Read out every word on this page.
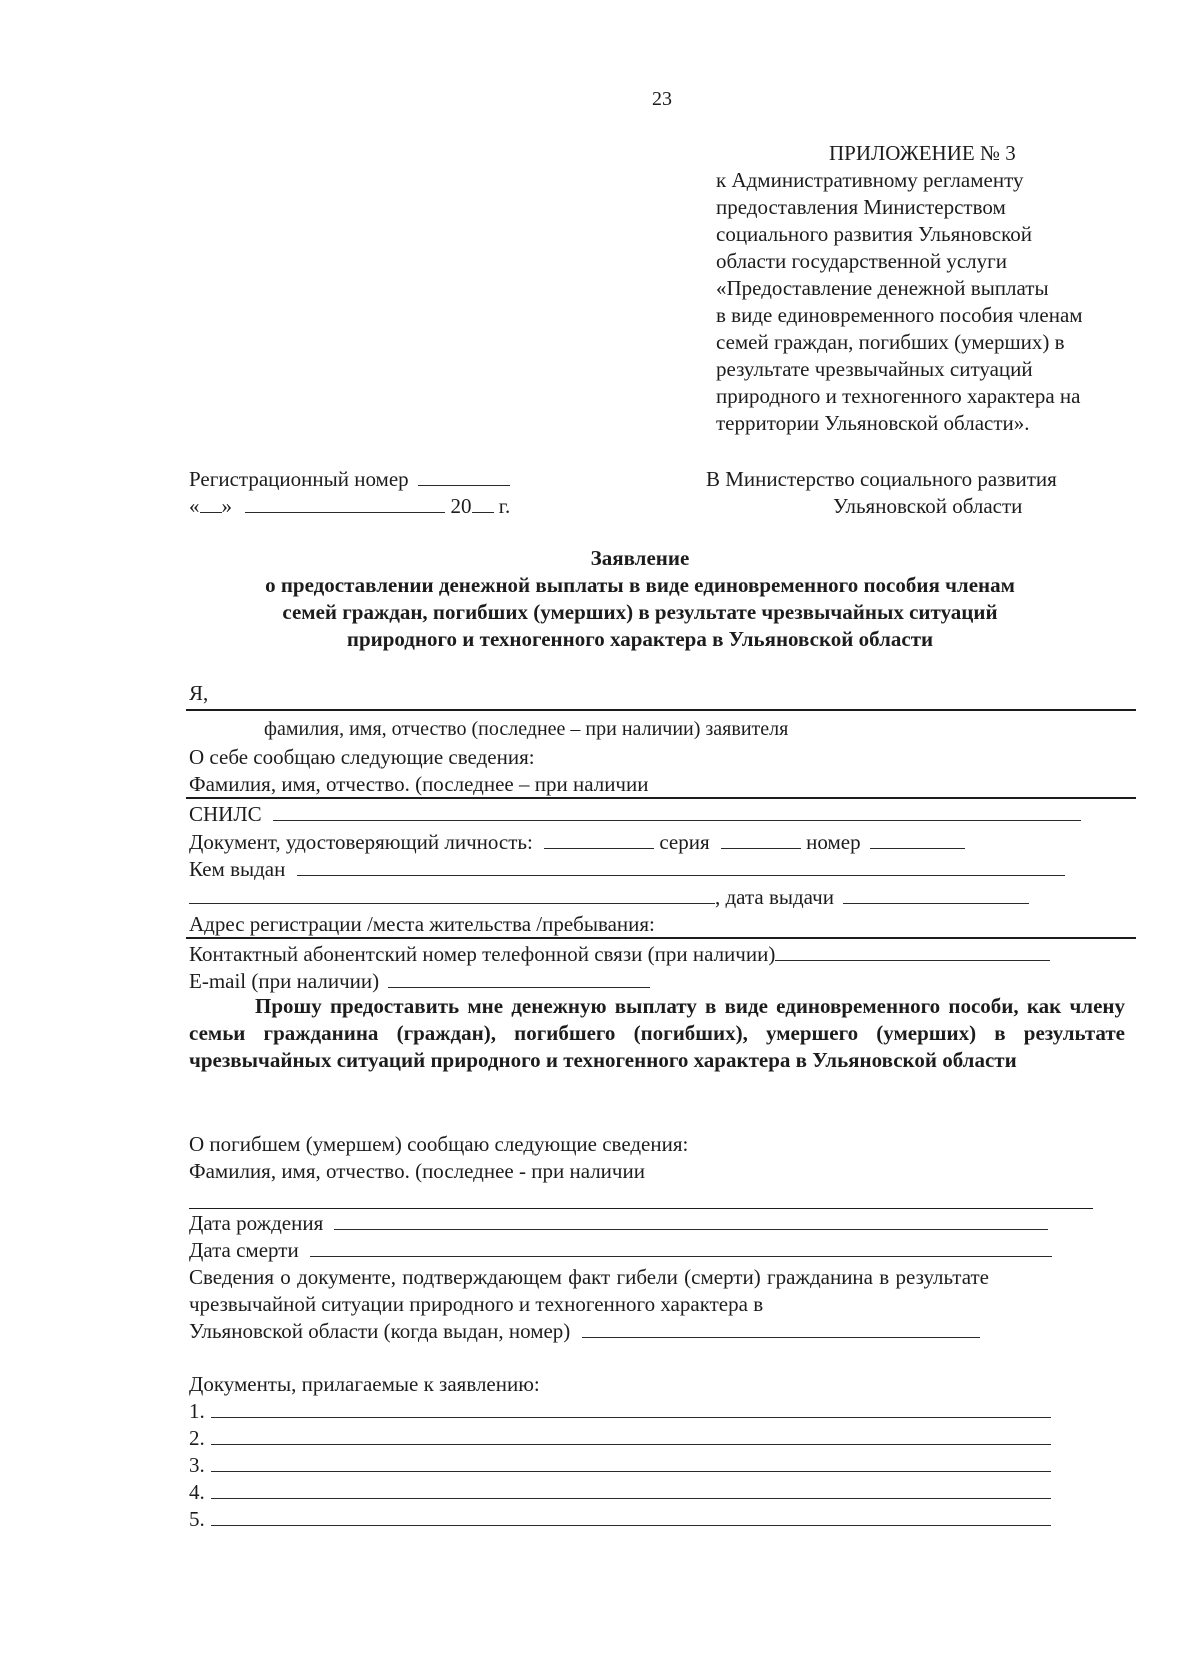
23
ПРИЛОЖЕНИЕ № 3
к Административному регламенту
предоставления Министерством
социального развития Ульяновской
области государственной услуги
«Предоставление денежной выплаты
в виде единовременного пособия членам
семей граждан, погибших (умерших) в
результате чрезвычайных ситуаций
природного и техногенного характера на
территории Ульяновской области».
Регистрационный номер
« »	20 г.
В Министерство социального развития
Ульяновской области
Заявление
о предоставлении денежной выплаты в виде единовременного пособия членам
семей граждан, погибших (умерших) в результате чрезвычайных ситуаций
природного и техногенного характера в Ульяновской области
Я,
фамилия, имя, отчество (последнее – при наличии) заявителя
О себе сообщаю следующие сведения:
Фамилия, имя, отчество. (последнее – при наличии
СНИЛС
Документ, удостоверяющий личность:	серия	номер
Кем выдан
, дата выдачи
Адрес регистрации /места жительства /пребывания:
Контактный абонентский номер телефонной связи (при наличии)
E-mail (при наличии)

Прошу предоставить мне денежную выплату в виде единовременного пособи, как члену семьи гражданина (граждан), погибшего (погибших), умершего (умерших) в результате чрезвычайных ситуаций природного и техногенного характера в Ульяновской области

О погибшем (умершем) сообщаю следующие сведения:
Фамилия, имя, отчество. (последнее - при наличии
Дата рождения
Дата смерти

Сведения о документе, подтверждающем факт гибели (смерти) гражданина в результате чрезвычайной ситуации природного и техногенного характера в

Ульяновской области (когда выдан, номер)
Документы, прилагаемые к заявлению:
1.
2.
3.
4.
5.
